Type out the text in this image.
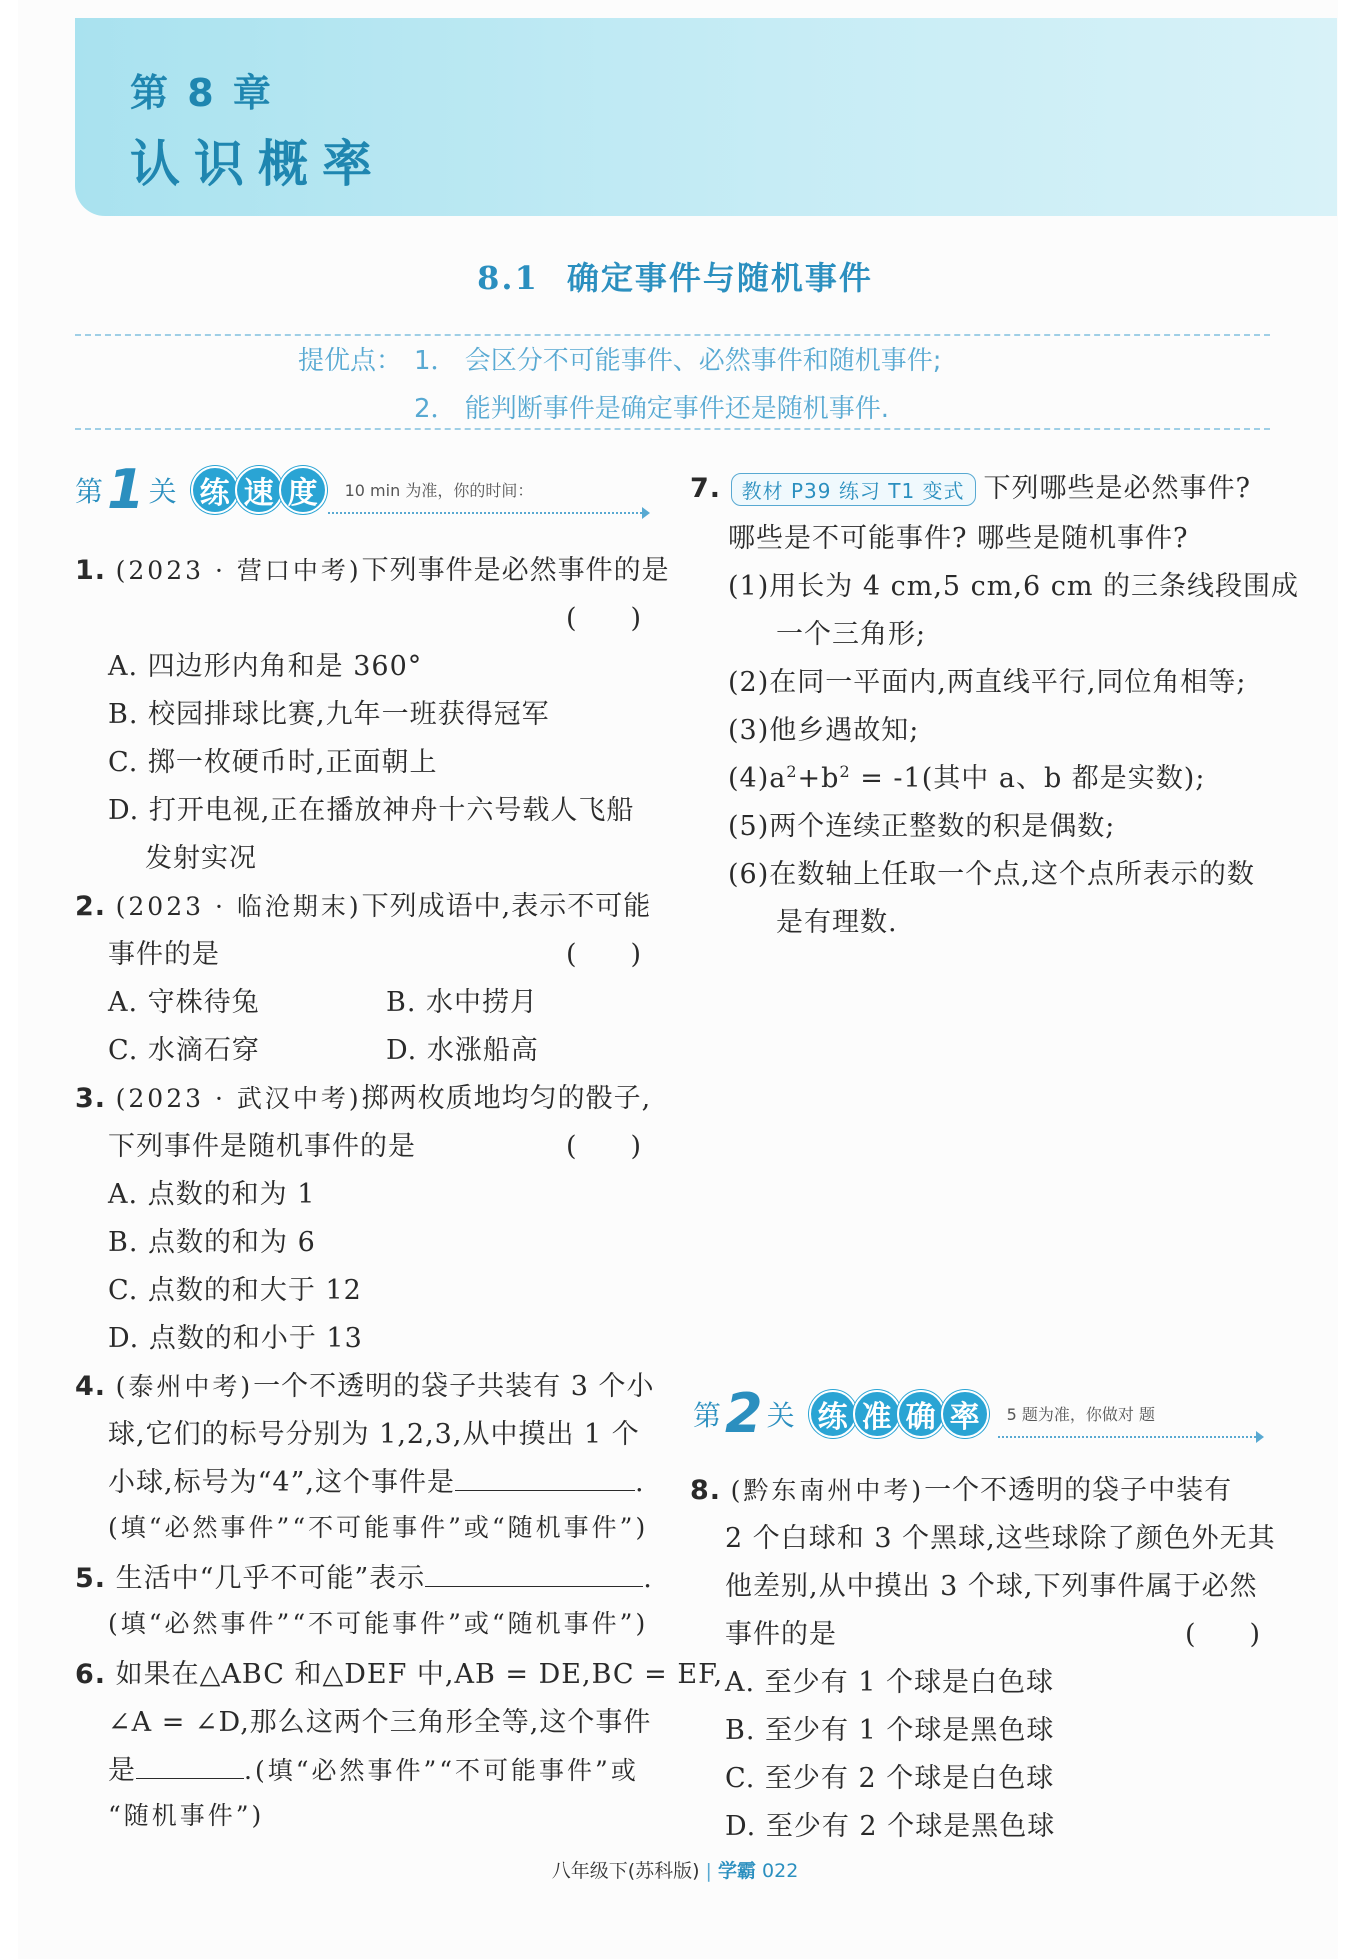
第 8 章
认识概率
8.1 确定事件与随机事件
提优点： 1． 会区分不可能事件、必然事件和随机事件;
2． 能判断事件是确定事件还是随机事件.
第 1 关 练 速 度	10 min 为准，你的时间：
1. (2023 · 营口中考)下列事件是必然事件的是
(　　)
A. 四边形内角和是 360°
B. 校园排球比赛,九年一班获得冠军
C. 掷一枚硬币时,正面朝上
D. 打开电视,正在播放神舟十六号载人飞船
发射实况
2. (2023 · 临沧期末)下列成语中,表示不可能
事件的是	(　　)
A. 守株待兔	B. 水中捞月
C. 水滴石穿	D. 水涨船高
3. (2023 · 武汉中考)掷两枚质地均匀的骰子,
下列事件是随机事件的是	(　　)
A. 点数的和为 1
B. 点数的和为 6
C. 点数的和大于 12
D. 点数的和小于 13
4. (泰州中考)一个不透明的袋子共装有 3 个小
球,它们的标号分别为 1,2,3,从中摸出 1 个
小球,标号为“4”,这个事件是	.
(填“必然事件”“不可能事件”或“随机事件”)
5. 生活中“几乎不可能”表示	.
(填“必然事件”“不可能事件”或“随机事件”)
6. 如果在△ABC 和△DEF 中,AB = DE,BC = EF,
∠A = ∠D,那么这两个三角形全等,这个事件
是	.(填“必然事件”“不可能事件”或
“随机事件”)
7. 教材 P39 练习 T1 变式 下列哪些是必然事件?
哪些是不可能事件? 哪些是随机事件?
(1)用长为 4 cm,5 cm,6 cm 的三条线段围成
一个三角形;
(2)在同一平面内,两直线平行,同位角相等;
(3)他乡遇故知;
$(4)a^2+b^2 = -1$(其中 a、b 都是实数);
(5)两个连续正整数的积是偶数;
(6)在数轴上任取一个点,这个点所表示的数
是有理数.
第 2 关 练 准 确 率	5 题为准，你做对 题
8. (黔东南州中考)一个不透明的袋子中装有
2 个白球和 3 个黑球,这些球除了颜色外无其
他差别,从中摸出 3 个球,下列事件属于必然
事件的是	(　　)
A. 至少有 1 个球是白色球
B. 至少有 1 个球是黑色球
C. 至少有 2 个球是白色球
D. 至少有 2 个球是黑色球
八年级下(苏科版) | 学霸 022
